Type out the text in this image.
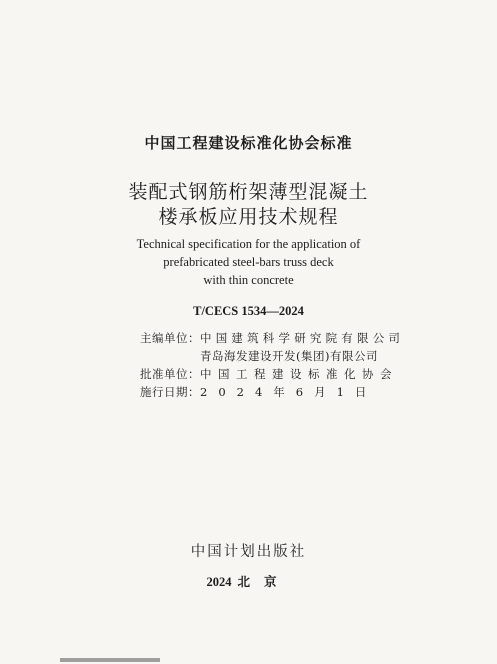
中国工程建设标准化协会标准
装配式钢筋桁架薄型混凝土
楼承板应用技术规程
Technical specification for the application of
prefabricated steel-bars truss deck
with thin concrete
T/CECS 1534—2024
主编单位：中国建筑科学研究院有限公司
青岛海发建设开发(集团)有限公司
批准单位：中国工程建设标准化协会
施行日期：2024年6月1日
中国计划出版社
2024 北京
